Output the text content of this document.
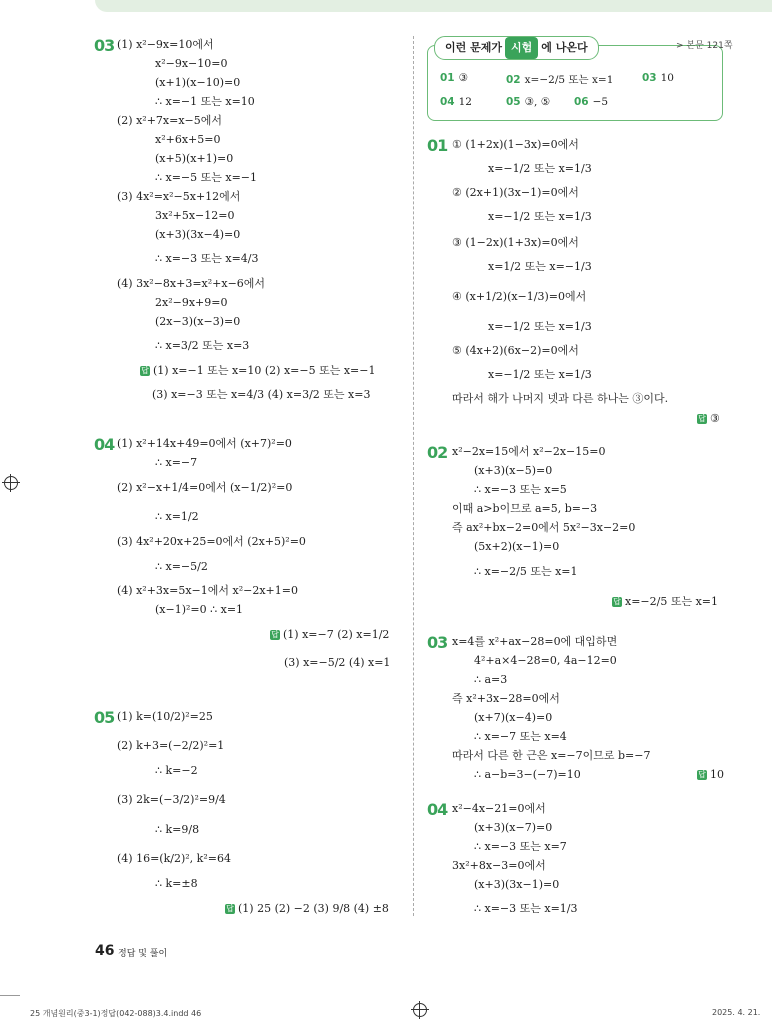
03 (1) x²−9x=10에서
x²−9x−10=0
(x+1)(x−10)=0
∴ x=−1 또는 x=10
(2) x²+7x=x−5에서
x²+6x+5=0
(x+5)(x+1)=0
∴ x=−5 또는 x=−1
(3) 4x²=x²−5x+12에서
3x²+5x−12=0
(x+3)(3x−4)=0
∴ x=−3 또는 x=4/3
(4) 3x²−8x+3=x²+x−6에서
2x²−9x+9=0
(2x−3)(x−3)=0
∴ x=3/2 또는 x=3
답 (1) x=−1 또는 x=10 (2) x=−5 또는 x=−1
(3) x=−3 또는 x=4/3 (4) x=3/2 또는 x=3
04 (1) x²+14x+49=0에서 (x+7)²=0
∴ x=−7
(2) x²−x+1/4=0에서 (x−1/2)²=0
∴ x=1/2
(3) 4x²+20x+25=0에서 (2x+5)²=0
∴ x=−5/2
(4) x²+3x=5x−1에서 x²−2x+1=0
(x−1)²=0 ∴ x=1
답 (1) x=−7 (2) x=1/2
(3) x=−5/2 (4) x=1
05 (1) k=(10/2)²=25
(2) k+3=(−2/2)²=1
∴ k=−2
(3) 2k=(−3/2)²=9/4
∴ k=9/8
(4) 16=(k/2)², k²=64
∴ k=±8
답 (1) 25 (2) −2 (3) 9/8 (4) ±8
이런 문제가 시험 에 나온다	> 본문 121쪽
01 ③	02 x=−2/5 또는 x=1	03 10
04 12	05 ③, ⑤ 06 −5
01 ① (1+2x)(1−3x)=0에서
x=−1/2 또는 x=1/3
② (2x+1)(3x−1)=0에서
x=−1/2 또는 x=1/3
③ (1−2x)(1+3x)=0에서
x=1/2 또는 x=−1/3
④ (x+1/2)(x−1/3)=0에서
x=−1/2 또는 x=1/3
⑤ (4x+2)(6x−2)=0에서
x=−1/2 또는 x=1/3
따라서 해가 나머지 넷과 다른 하나는 ③이다.
답 ③
02 x²−2x=15에서 x²−2x−15=0
(x+3)(x−5)=0
∴ x=−3 또는 x=5
이때 a>b이므로 a=5, b=−3
즉 ax²+bx−2=0에서 5x²−3x−2=0
(5x+2)(x−1)=0
∴ x=−2/5 또는 x=1
답 x=−2/5 또는 x=1
03 x=4를 x²+ax−28=0에 대입하면
4²+a×4−28=0, 4a−12=0
∴ a=3
즉 x²+3x−28=0에서
(x+7)(x−4)=0
∴ x=−7 또는 x=4
따라서 다른 한 근은 x=−7이므로 b=−7
∴ a−b=3−(−7)=10	답 10
04 x²−4x−21=0에서
(x+3)(x−7)=0
∴ x=−3 또는 x=7
3x²+8x−3=0에서
(x+3)(3x−1)=0
∴ x=−3 또는 x=1/3
46 정답 및 풀이
25 개념원리(중3-1)정답(042-088)3.4.indd 46	2025. 4. 21.
